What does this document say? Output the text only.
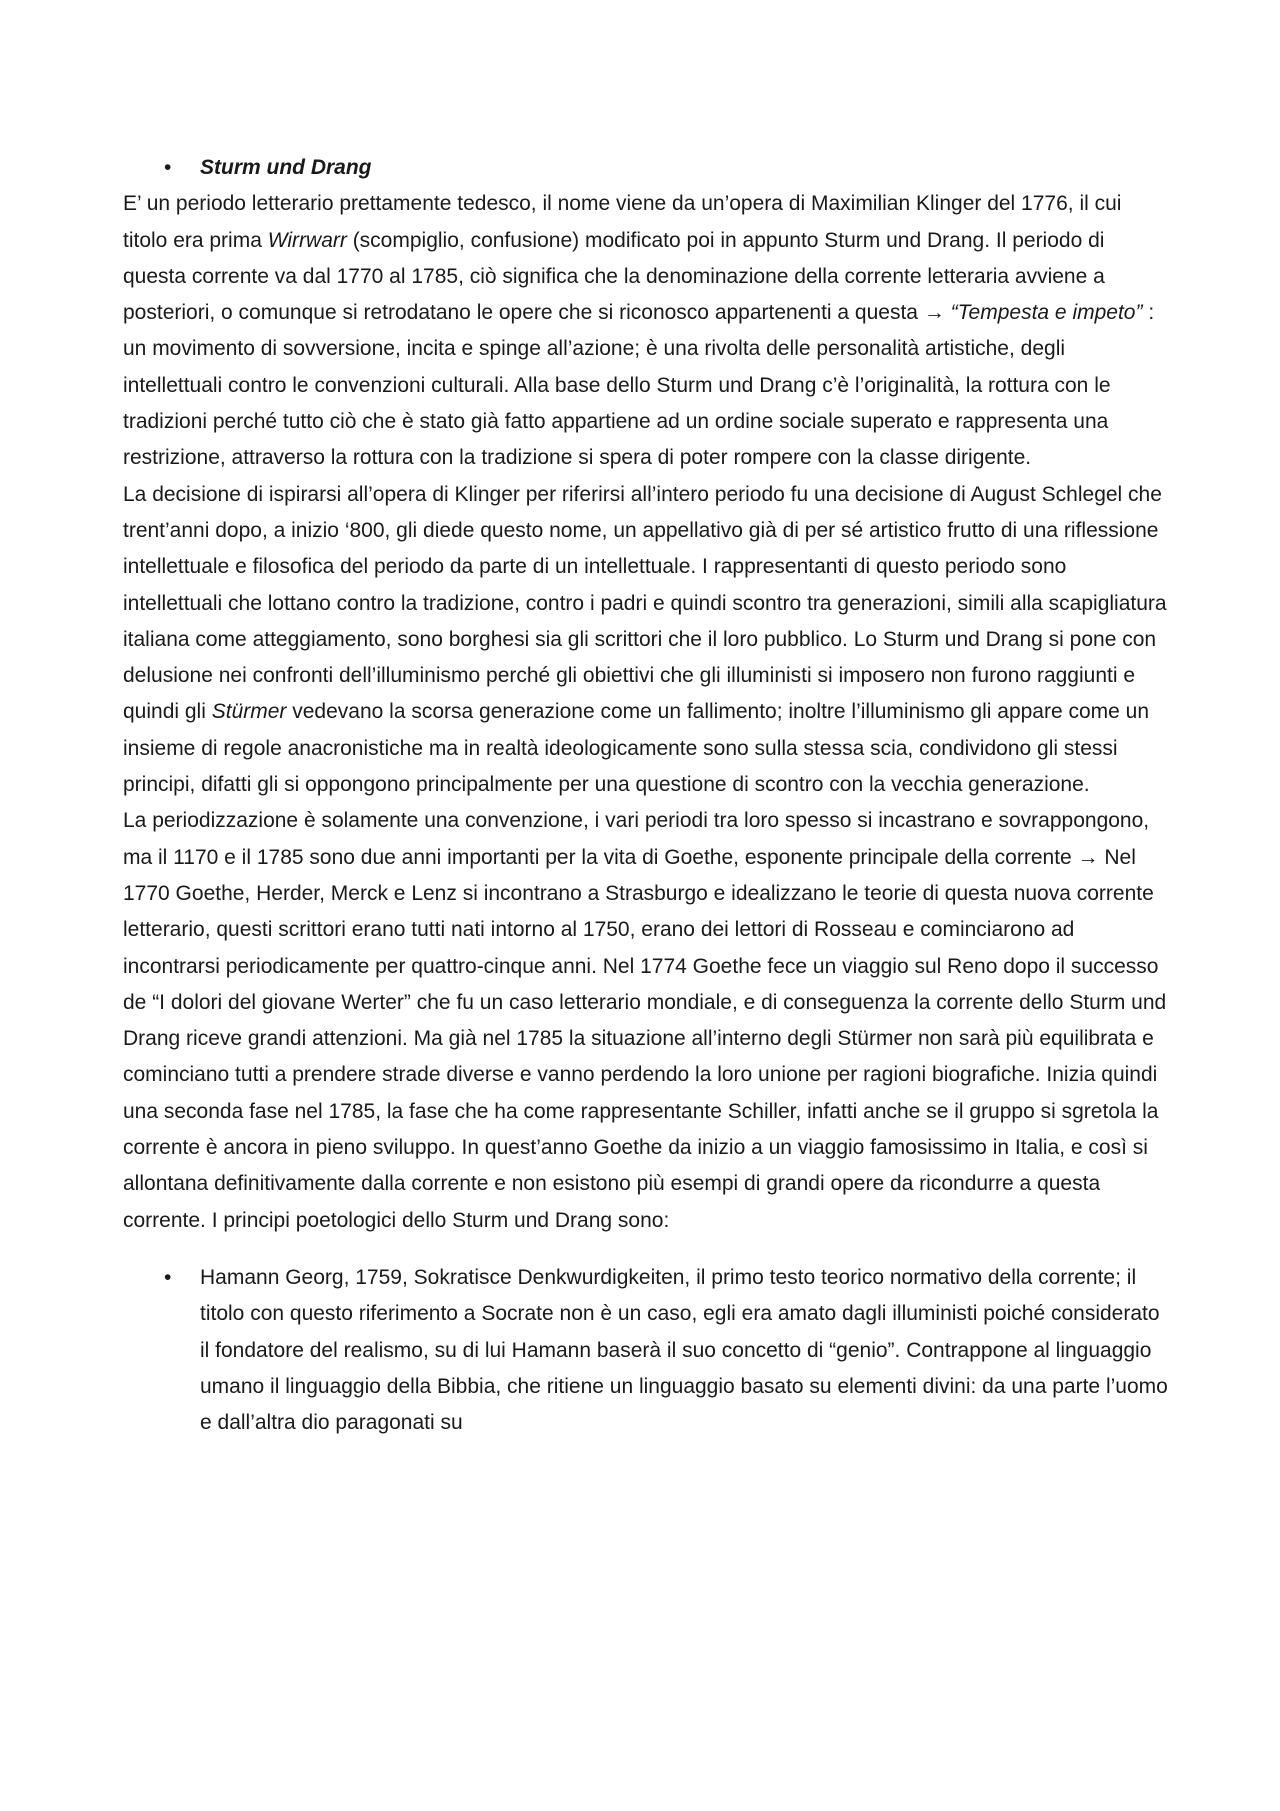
• Sturm und Drang

E’ un periodo letterario prettamente tedesco, il nome viene da un’opera di Maximilian Klinger del 1776, il cui titolo era prima Wirrwarr (scompiglio, confusione) modificato poi in appunto Sturm und Drang. Il periodo di questa corrente va dal 1770 al 1785, ciò significa che la denominazione della corrente letteraria avviene a posteriori, o comunque si retrodatano le opere che si riconosco appartenenti a questa → “Tempesta e impeto” : un movimento di sovversione, incita e spinge all’azione; è una rivolta delle personalità artistiche, degli intellettuali contro le convenzioni culturali. Alla base dello Sturm und Drang c’è l’originalità, la rottura con le tradizioni perché tutto ciò che è stato già fatto appartiene ad un ordine sociale superato e rappresenta una restrizione, attraverso la rottura con la tradizione si spera di poter rompere con la classe dirigente.

La decisione di ispirarsi all’opera di Klinger per riferirsi all’intero periodo fu una decisione di August Schlegel che trent’anni dopo, a inizio ‘800, gli diede questo nome, un appellativo già di per sé artistico frutto di una riflessione intellettuale e filosofica del periodo da parte di un intellettuale. I rappresentanti di questo periodo sono intellettuali che lottano contro la tradizione, contro i padri e quindi scontro tra generazioni, simili alla scapigliatura italiana come atteggiamento, sono borghesi sia gli scrittori che il loro pubblico. Lo Sturm und Drang si pone con delusione nei confronti dell’illuminismo perché gli obiettivi che gli illuministi si imposero non furono raggiunti e quindi gli Stürmer vedevano la scorsa generazione come un fallimento; inoltre l’illuminismo gli appare come un insieme di regole anacronistiche ma in realtà ideologicamente sono sulla stessa scia, condividono gli stessi principi, difatti gli si oppongono principalmente per una questione di scontro con la vecchia generazione.

La periodizzazione è solamente una convenzione, i vari periodi tra loro spesso si incastrano e sovrappongono, ma il 1170 e il 1785 sono due anni importanti per la vita di Goethe, esponente principale della corrente → Nel 1770 Goethe, Herder, Merck e Lenz si incontrano a Strasburgo e idealizzano le teorie di questa nuova corrente letterario, questi scrittori erano tutti nati intorno al 1750, erano dei lettori di Rosseau e cominciarono ad incontrarsi periodicamente per quattro-cinque anni. Nel 1774 Goethe fece un viaggio sul Reno dopo il successo de “I dolori del giovane Werter” che fu un caso letterario mondiale, e di conseguenza la corrente dello Sturm und Drang riceve grandi attenzioni. Ma già nel 1785 la situazione all’interno degli Stürmer non sarà più equilibrata e cominciano tutti a prendere strade diverse e vanno perdendo la loro unione per ragioni biografiche. Inizia quindi una seconda fase nel 1785, la fase che ha come rappresentante Schiller, infatti anche se il gruppo si sgretola la corrente è ancora in pieno sviluppo. In quest’anno Goethe da inizio a un viaggio famosissimo in Italia, e così si allontana definitivamente dalla corrente e non esistono più esempi di grandi opere da ricondurre a questa corrente. I principi poetologici dello Sturm und Drang sono:

• Hamann Georg, 1759, Sokratisce Denkwurdigkeiten, il primo testo teorico normativo della corrente; il titolo con questo riferimento a Socrate non è un caso, egli era amato dagli illuministi poiché considerato il fondatore del realismo, su di lui Hamann baserà il suo concetto di “genio”. Contrappone al linguaggio umano il linguaggio della Bibbia, che ritiene un linguaggio basato su elementi divini: da una parte l’uomo e dall’altra dio paragonati su
